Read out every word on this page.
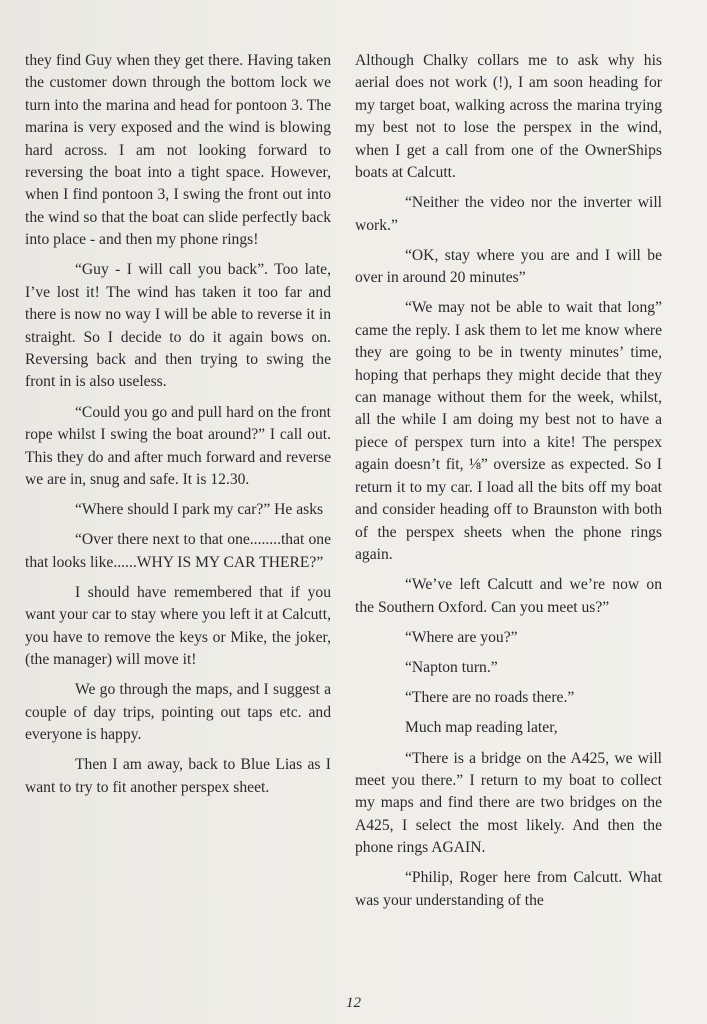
they find Guy when they get there. Having taken the customer down through the bottom lock we turn into the marina and head for pontoon 3. The marina is very exposed and the wind is blowing hard across. I am not looking forward to reversing the boat into a tight space. However, when I find pontoon 3, I swing the front out into the wind so that the boat can slide perfectly back into place - and then my phone rings!

“Guy - I will call you back”. Too late, I’ve lost it! The wind has taken it too far and there is now no way I will be able to reverse it in straight. So I decide to do it again bows on. Reversing back and then trying to swing the front in is also useless.

“Could you go and pull hard on the front rope whilst I swing the boat around?” I call out. This they do and after much forward and reverse we are in, snug and safe. It is 12.30.

“Where should I park my car?” He asks

“Over there next to that one........that one that looks like......WHY IS MY CAR THERE?”

I should have remembered that if you want your car to stay where you left it at Calcutt, you have to remove the keys or Mike, the joker, (the manager) will move it!

We go through the maps, and I suggest a couple of day trips, pointing out taps etc. and everyone is happy.

Then I am away, back to Blue Lias as I want to try to fit another perspex sheet.

Although Chalky collars me to ask why his aerial does not work (!), I am soon heading for my target boat, walking across the marina trying my best not to lose the perspex in the wind, when I get a call from one of the OwnerShips boats at Calcutt.

“Neither the video nor the inverter will work.”

“OK, stay where you are and I will be over in around 20 minutes”

“We may not be able to wait that long” came the reply. I ask them to let me know where they are going to be in twenty minutes’ time, hoping that perhaps they might decide that they can manage without them for the week, whilst, all the while I am doing my best not to have a piece of perspex turn into a kite! The perspex again doesn’t fit, ⅛” oversize as expected. So I return it to my car. I load all the bits off my boat and consider heading off to Braunston with both of the perspex sheets when the phone rings again.

“We’ve left Calcutt and we’re now on the Southern Oxford. Can you meet us?”

“Where are you?”

“Napton turn.”

“There are no roads there.”

Much map reading later,

“There is a bridge on the A425, we will meet you there.” I return to my boat to collect my maps and find there are two bridges on the A425, I select the most likely. And then the phone rings AGAIN.

“Philip, Roger here from Calcutt. What was your understanding of the

12
